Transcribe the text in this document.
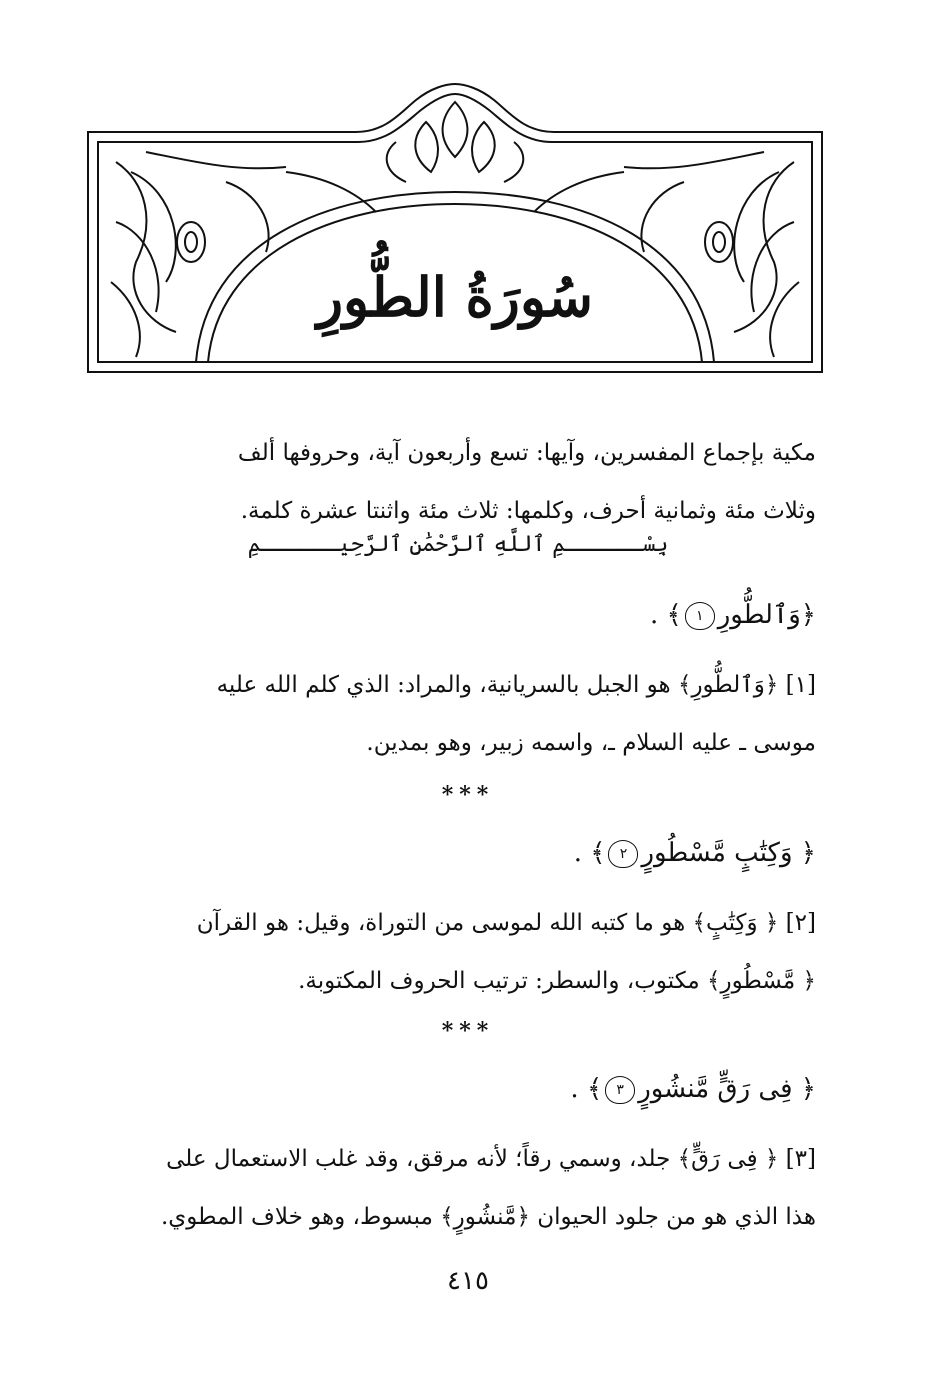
سُورَةُ الطُّورِ
مكية بإجماع المفسرين، وآيها: تسع وأربعون آية، وحروفها ألف
وثلاث مئة وثمانية أحرف، وكلمها: ثلاث مئة واثنتا عشرة كلمة.
بِسْــــــمِ ٱللَّهِ ٱلرَّحْمَٰنِ ٱلرَّحِيــــــمِ
﴿وَٱلطُّورِ١﴾ .
[١] ﴿وَٱلطُّورِ﴾ هو الجبل بالسريانية، والمراد: الذي كلم الله عليه
موسى ـ عليه السلام ـ، واسمه زبير، وهو بمدين.
***
﴿ وَكِتَٰبٍ مَّسْطُورٍ٢﴾ .
[٢] ﴿ وَكِتَٰبٍ﴾ هو ما كتبه الله لموسى من التوراة، وقيل: هو القرآن
﴿ مَّسْطُورٍ﴾ مكتوب، والسطر: ترتيب الحروف المكتوبة.
***
﴿ فِى رَقٍّ مَّنشُورٍ٣﴾ .
[٣] ﴿ فِى رَقٍّ﴾ جلد، وسمي رقاً؛ لأنه مرقق، وقد غلب الاستعمال على
هذا الذي هو من جلود الحيوان ﴿مَّنشُورٍ﴾ مبسوط، وهو خلاف المطوي.
٤١٥
